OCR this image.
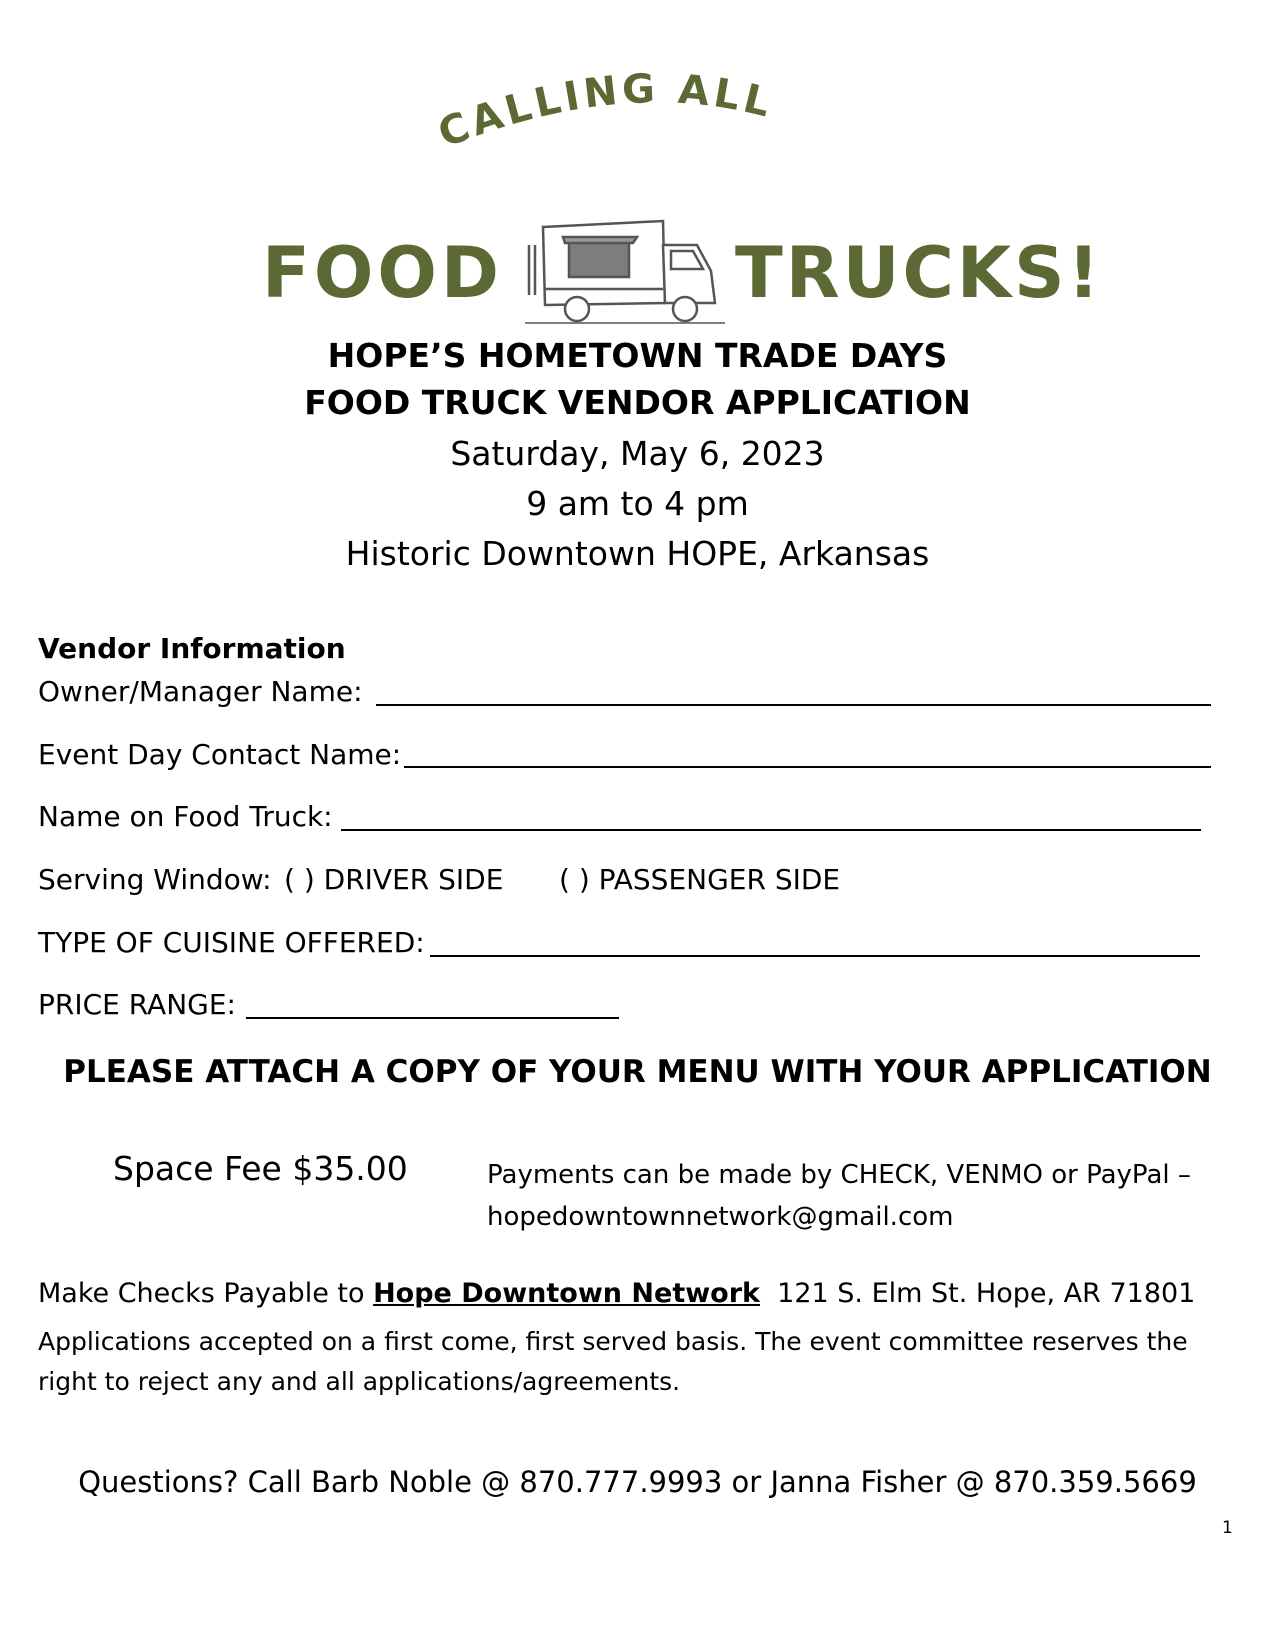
CALLING ALL
FOOD	TRUCKS!
HOPE’S HOMETOWN TRADE DAYS
FOOD TRUCK VENDOR APPLICATION
Saturday, May 6, 2023
9 am to 4 pm
Historic Downtown HOPE, Arkansas
Vendor Information
Owner/Manager Name:
Event Day Contact Name:
Name on Food Truck:
Serving Window: ( ) DRIVER SIDE ( ) PASSENGER SIDE
TYPE OF CUISINE OFFERED:
PRICE RANGE:
PLEASE ATTACH A COPY OF YOUR MENU WITH YOUR APPLICATION
Space Fee $35.00	Payments can be made by CHECK, VENMO or PayPal –
hopedowntownnetwork@gmail.com
Make Checks Payable to Hope Downtown Network  121 S. Elm St. Hope, AR 71801
Applications accepted on a first come, first served basis. The event committee reserves the right to reject any and all applications/agreements.
Questions? Call Barb Noble @ 870.777.9993 or Janna Fisher @ 870.359.5669
1
